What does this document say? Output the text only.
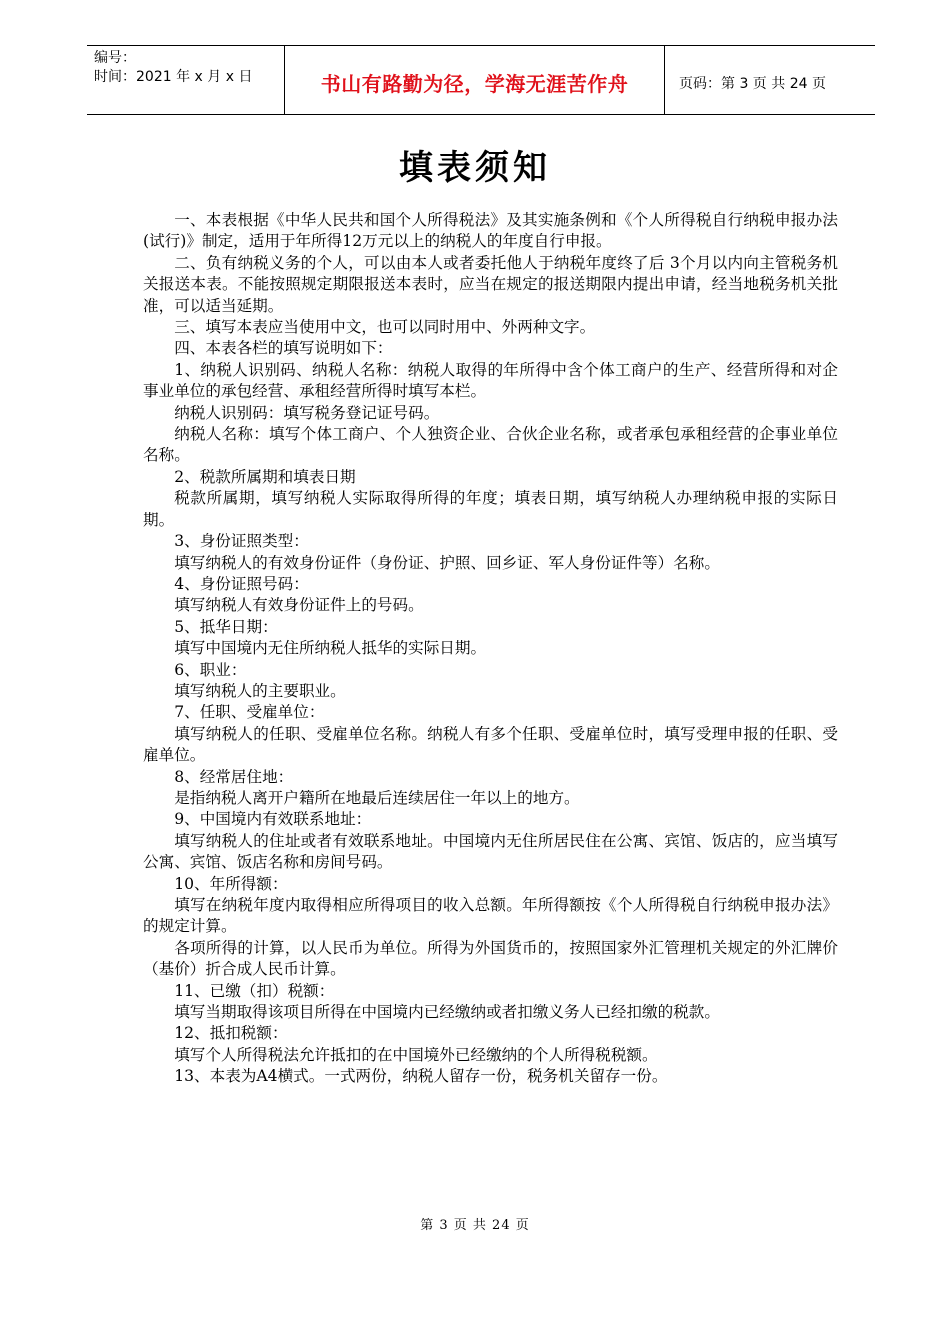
编号：
时间：2021 年 x 月 x 日	书山有路勤为径，学海无涯苦作舟	页码：第 3 页 共 24 页
填表须知

一、本表根据《中华人民共和国个人所得税法》及其实施条例和《个人所得税自行纳税申报办法(试行)》制定，适用于年所得12万元以上的纳税人的年度自行申报。

二、负有纳税义务的个人，可以由本人或者委托他人于纳税年度终了后 3个月以内向主管税务机关报送本表。不能按照规定期限报送本表时，应当在规定的报送期限内提出申请，经当地税务机关批准，可以适当延期。

三、填写本表应当使用中文，也可以同时用中、外两种文字。

四、本表各栏的填写说明如下：

1、纳税人识别码、纳税人名称：纳税人取得的年所得中含个体工商户的生产、经营所得和对企事业单位的承包经营、承租经营所得时填写本栏。

纳税人识别码：填写税务登记证号码。

纳税人名称：填写个体工商户、个人独资企业、合伙企业名称，或者承包承租经营的企事业单位名称。

2、税款所属期和填表日期

税款所属期，填写纳税人实际取得所得的年度；填表日期，填写纳税人办理纳税申报的实际日期。

3、身份证照类型：

填写纳税人的有效身份证件（身份证、护照、回乡证、军人身份证件等）名称。

4、身份证照号码：

填写纳税人有效身份证件上的号码。

5、抵华日期：

填写中国境内无住所纳税人抵华的实际日期。

6、职业：

填写纳税人的主要职业。

7、任职、受雇单位：

填写纳税人的任职、受雇单位名称。纳税人有多个任职、受雇单位时，填写受理申报的任职、受雇单位。

8、经常居住地：

是指纳税人离开户籍所在地最后连续居住一年以上的地方。

9、中国境内有效联系地址：

填写纳税人的住址或者有效联系地址。中国境内无住所居民住在公寓、宾馆、饭店的，应当填写公寓、宾馆、饭店名称和房间号码。

10、年所得额：

填写在纳税年度内取得相应所得项目的收入总额。年所得额按《个人所得税自行纳税申报办法》的规定计算。

各项所得的计算，以人民币为单位。所得为外国货币的，按照国家外汇管理机关规定的外汇牌价（基价）折合成人民币计算。

11、已缴（扣）税额：

填写当期取得该项目所得在中国境内已经缴纳或者扣缴义务人已经扣缴的税款。

12、抵扣税额：

填写个人所得税法允许抵扣的在中国境外已经缴纳的个人所得税税额。

13、本表为A4横式。一式两份，纳税人留存一份，税务机关留存一份。

第 3 页 共 24 页
